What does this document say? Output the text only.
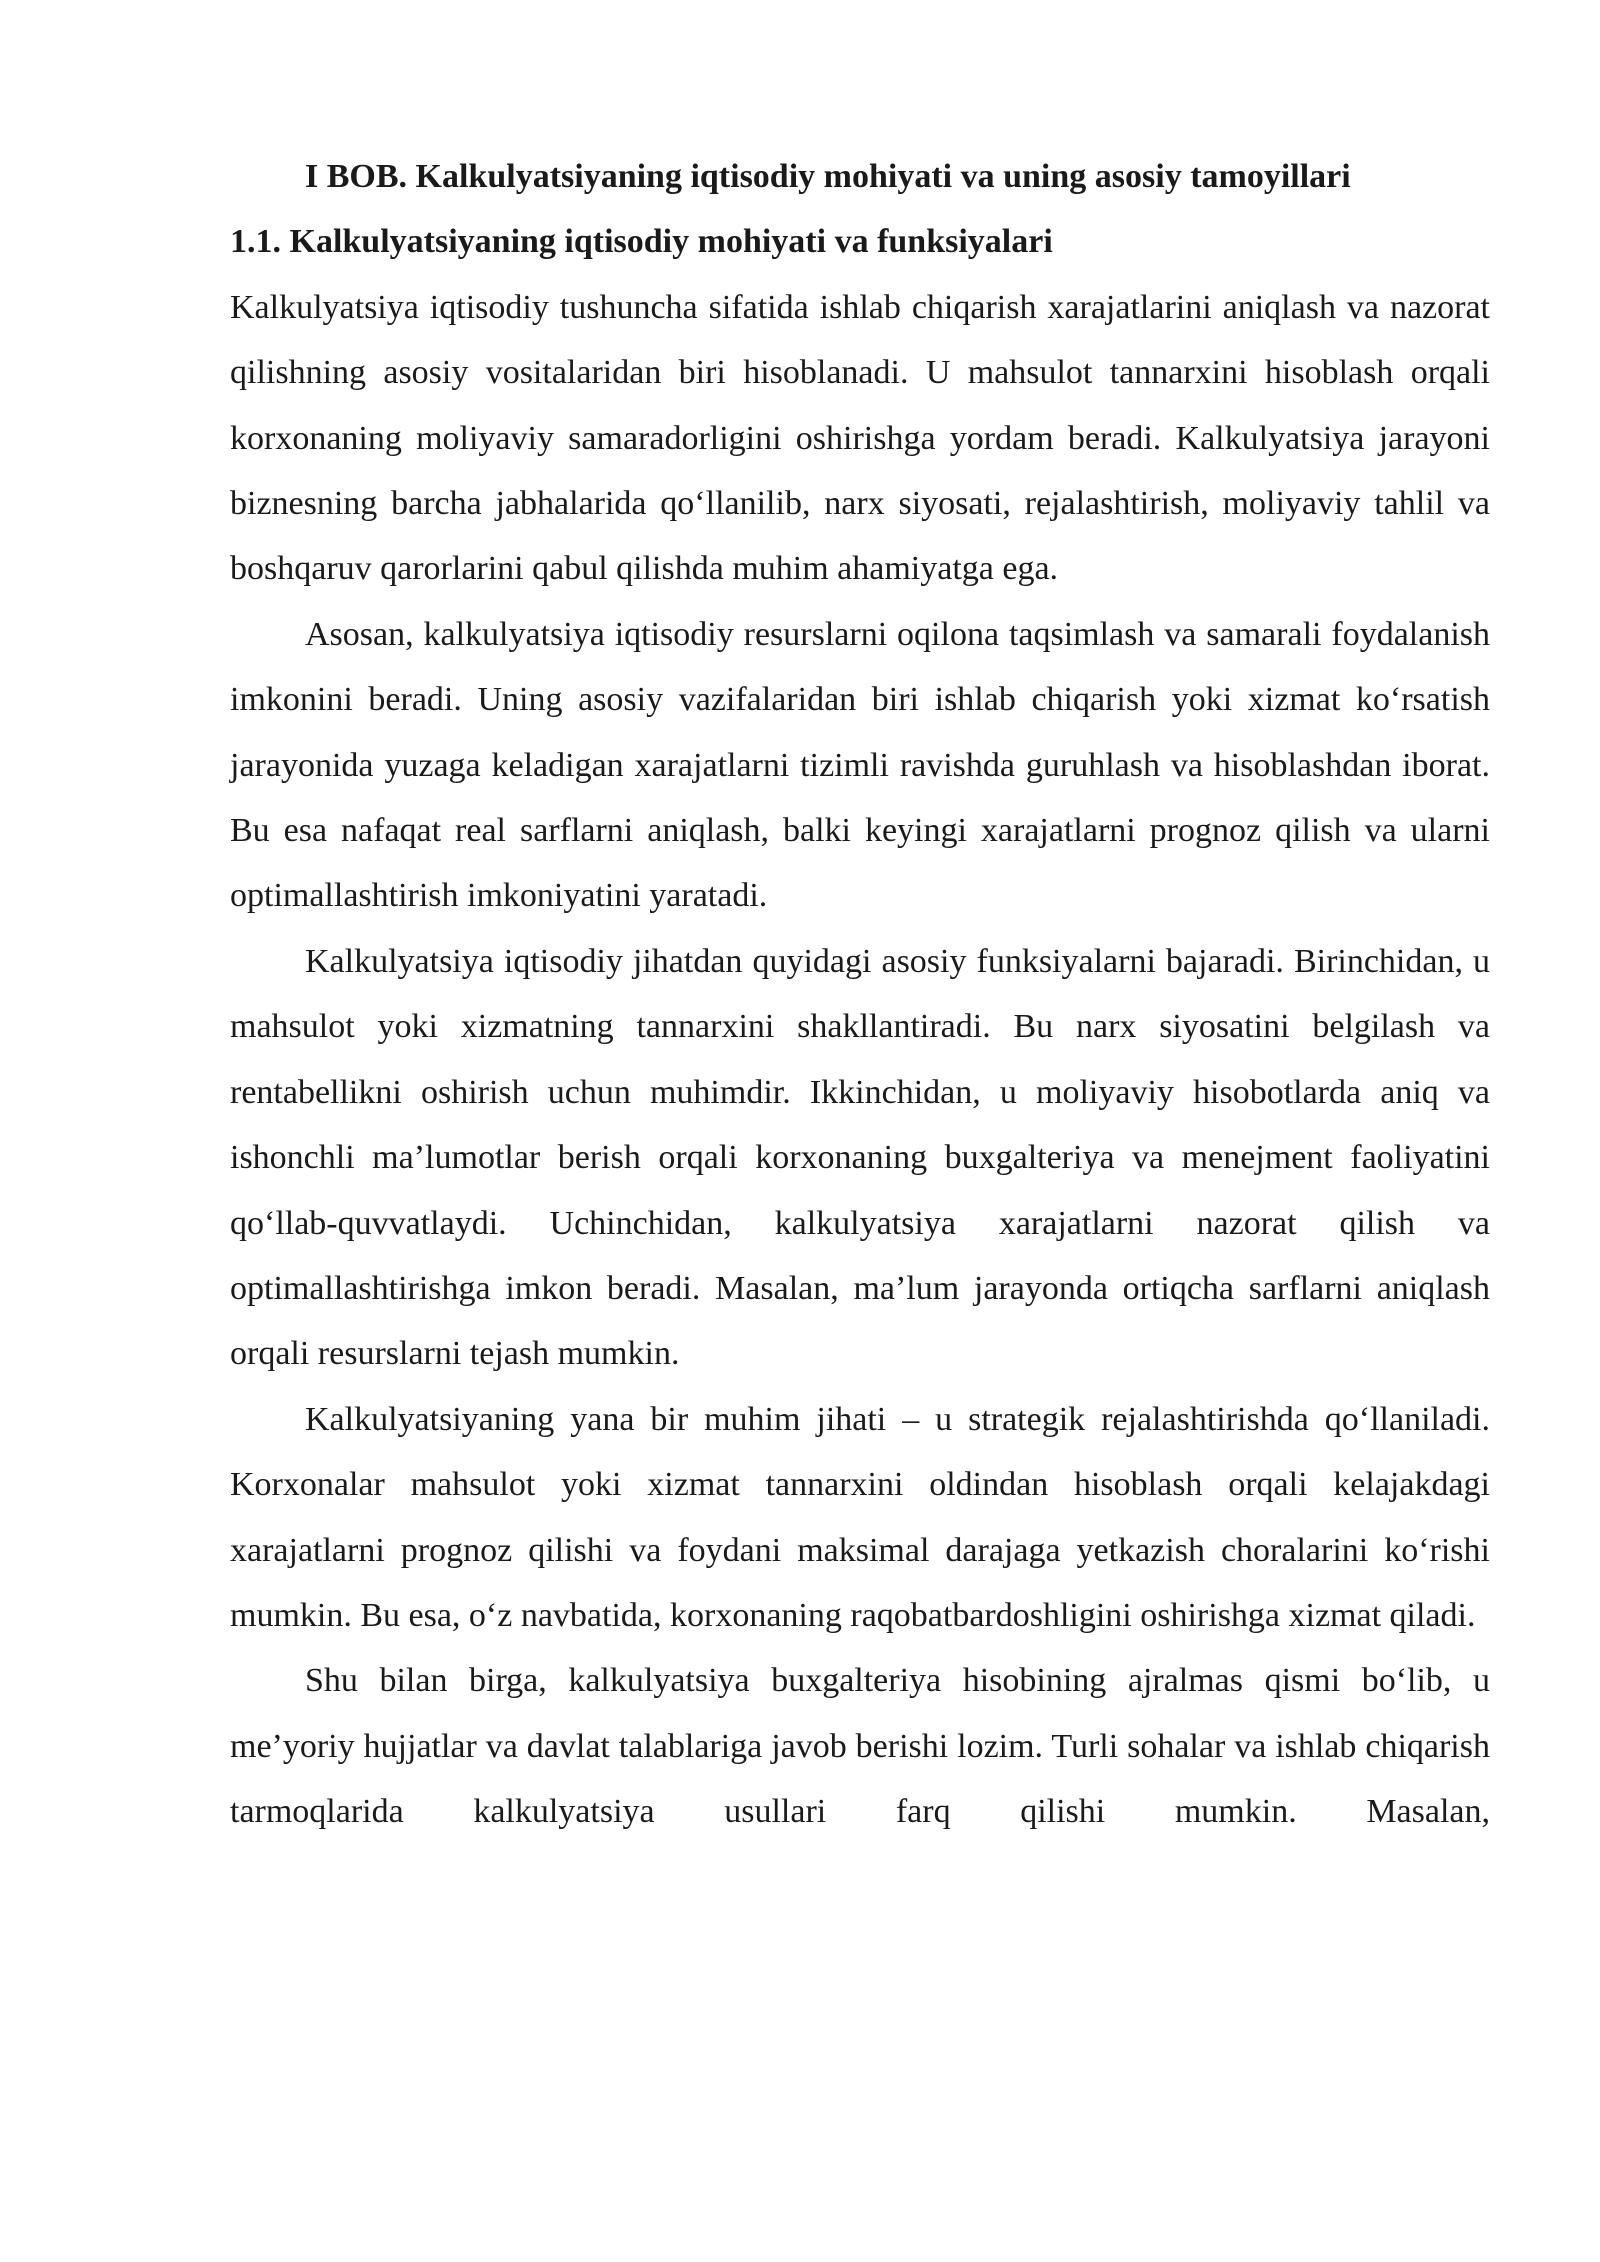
I BOB. Kalkulyatsiyaning iqtisodiy mohiyati va uning asosiy tamoyillari

1.1. Kalkulyatsiyaning iqtisodiy mohiyati va funksiyalari

Kalkulyatsiya iqtisodiy tushuncha sifatida ishlab chiqarish xarajatlarini aniqlash va nazorat qilishning asosiy vositalaridan biri hisoblanadi. U mahsulot tannarxini hisoblash orqali korxonaning moliyaviy samaradorligini oshirishga yordam beradi. Kalkulyatsiya jarayoni biznesning barcha jabhalarida qo‘llanilib, narx siyosati, rejalashtirish, moliyaviy tahlil va boshqaruv qarorlarini qabul qilishda muhim ahamiyatga ega.

Asosan, kalkulyatsiya iqtisodiy resurslarni oqilona taqsimlash va samarali foydalanish imkonini beradi. Uning asosiy vazifalaridan biri ishlab chiqarish yoki xizmat ko‘rsatish jarayonida yuzaga keladigan xarajatlarni tizimli ravishda guruhlash va hisoblashdan iborat. Bu esa nafaqat real sarflarni aniqlash, balki keyingi xarajatlarni prognoz qilish va ularni optimallashtirish imkoniyatini yaratadi.

Kalkulyatsiya iqtisodiy jihatdan quyidagi asosiy funksiyalarni bajaradi. Birinchidan, u mahsulot yoki xizmatning tannarxini shakllantiradi. Bu narx siyosatini belgilash va rentabellikni oshirish uchun muhimdir. Ikkinchidan, u moliyaviy hisobotlarda aniq va ishonchli ma’lumotlar berish orqali korxonaning buxgalteriya va menejment faoliyatini qo‘llab-quvvatlaydi. Uchinchidan, kalkulyatsiya xarajatlarni nazorat qilish va optimallashtirishga imkon beradi. Masalan, ma’lum jarayonda ortiqcha sarflarni aniqlash orqali resurslarni tejash mumkin.

Kalkulyatsiyaning yana bir muhim jihati – u strategik rejalashtirishda qo‘llaniladi. Korxonalar mahsulot yoki xizmat tannarxini oldindan hisoblash orqali kelajakdagi xarajatlarni prognoz qilishi va foydani maksimal darajaga yetkazish choralarini ko‘rishi mumkin. Bu esa, o‘z navbatida, korxonaning raqobatbardoshligini oshirishga xizmat qiladi.

Shu bilan birga, kalkulyatsiya buxgalteriya hisobining ajralmas qismi bo‘lib, u me’yoriy hujjatlar va davlat talablariga javob berishi lozim. Turli sohalar va ishlab chiqarish tarmoqlarida kalkulyatsiya usullari farq qilishi mumkin. Masalan,
